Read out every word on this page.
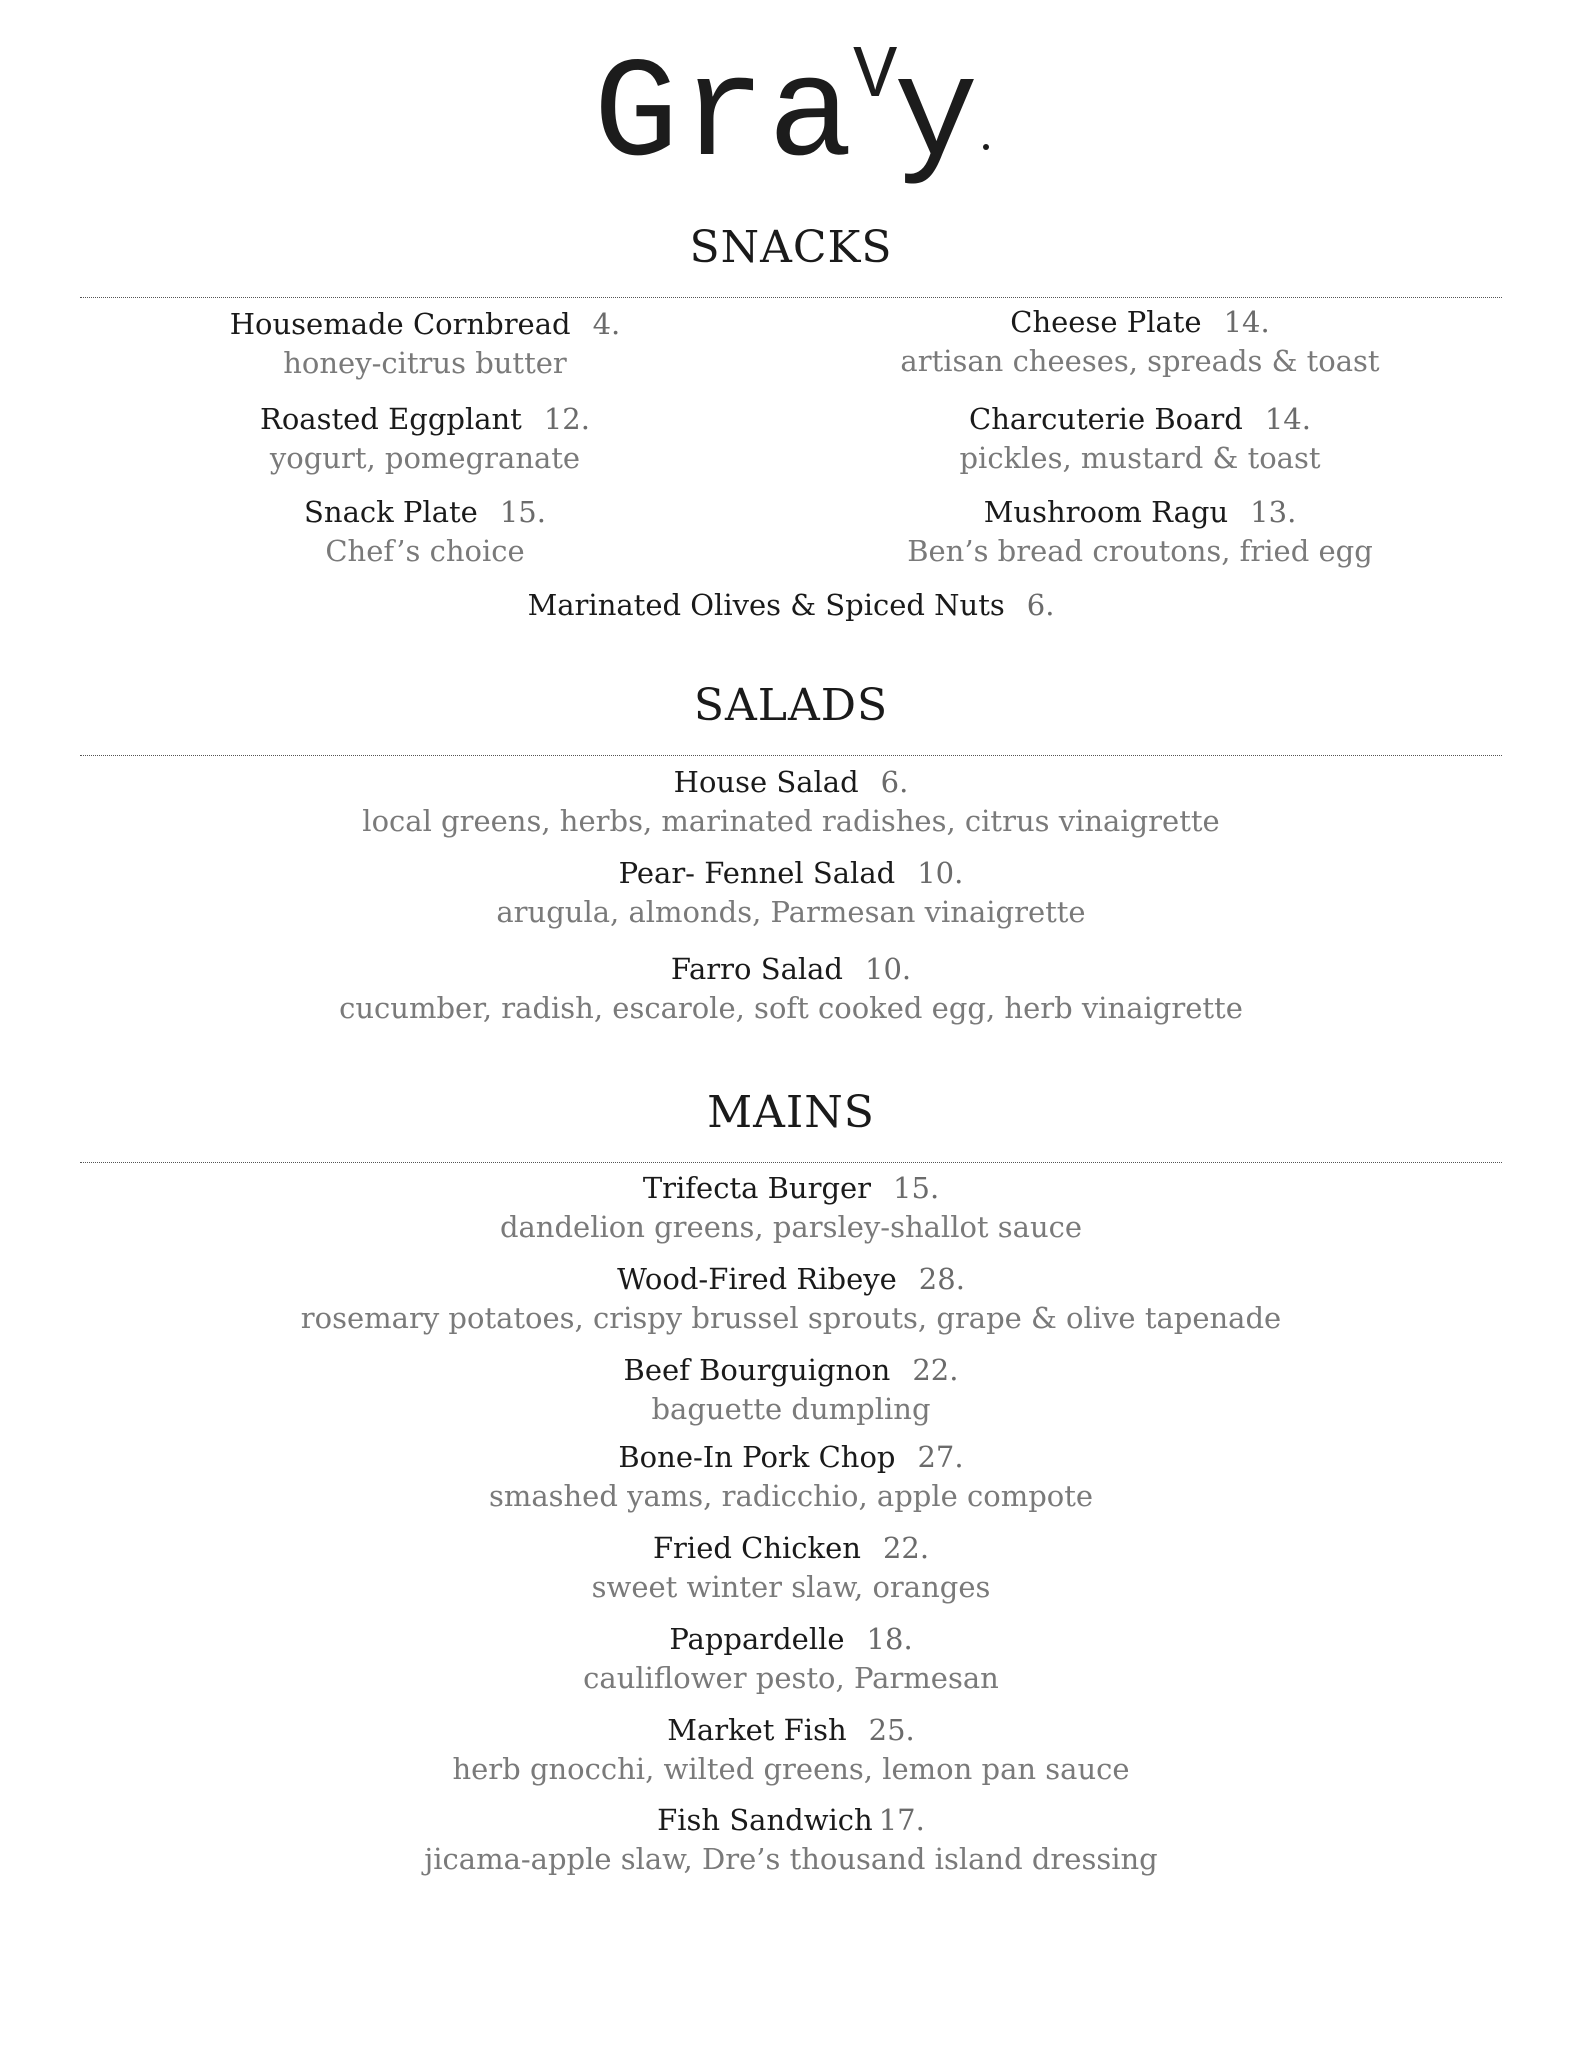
GraVy
SNACKS
Housemade Cornbread 4.
honey-citrus butter
Roasted Eggplant 12.
yogurt, pomegranate
Snack Plate 15.
Chef’s choice
Cheese Plate 14.
artisan cheeses, spreads & toast
Charcuterie Board 14.
pickles, mustard & toast
Mushroom Ragu 13.
Ben’s bread croutons, fried egg
Marinated Olives & Spiced Nuts 6.
SALADS
House Salad 6.
local greens, herbs, marinated radishes, citrus vinaigrette
Pear- Fennel Salad 10.
arugula, almonds, Parmesan vinaigrette
Farro Salad 10.
cucumber, radish, escarole, soft cooked egg, herb vinaigrette
MAINS
Trifecta Burger 15.
dandelion greens, parsley-shallot sauce
Wood-Fired Ribeye 28.
rosemary potatoes, crispy brussel sprouts, grape & olive tapenade
Beef Bourguignon 22.
baguette dumpling
Bone-In Pork Chop 27.
smashed yams, radicchio, apple compote
Fried Chicken 22.
sweet winter slaw, oranges
Pappardelle 18.
cauliflower pesto, Parmesan
Market Fish 25.
herb gnocchi, wilted greens, lemon pan sauce
Fish Sandwich 17.
jicama-apple slaw, Dre’s thousand island dressing
